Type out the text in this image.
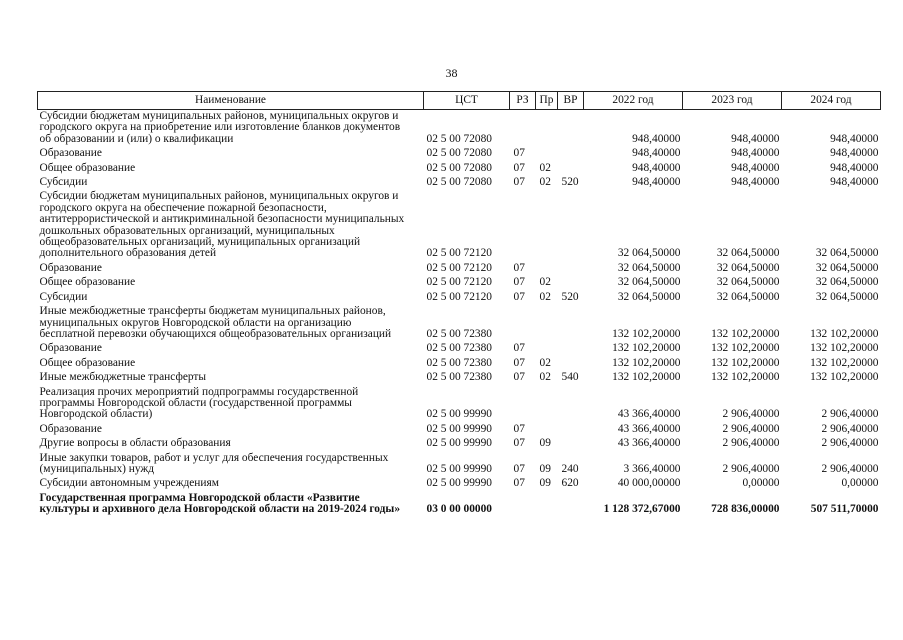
38
Наименование	ЦСТ	РЗ	Пр	ВР	2022 год	2023 год	2024 год
Субсидии бюджетам муниципальных районов, муниципальных округов и городского округа на приобретение или изготовление бланков документов об образовании и (или) о квалификации	02 5 00 72080				948,40000	948,40000	948,40000
Образование	02 5 00 72080	07			948,40000	948,40000	948,40000
Общее образование	02 5 00 72080	07	02		948,40000	948,40000	948,40000
Субсидии	02 5 00 72080	07	02	520	948,40000	948,40000	948,40000
Субсидии бюджетам муниципальных районов, муниципальных округов и городского округа на обеспечение пожарной безопасности, антитеррористической и антикриминальной безопасности муниципальных дошкольных образовательных организаций, муниципальных общеобразовательных организаций, муниципальных организаций дополнительного образования детей	02 5 00 72120				32 064,50000	32 064,50000	32 064,50000
Образование	02 5 00 72120	07			32 064,50000	32 064,50000	32 064,50000
Общее образование	02 5 00 72120	07	02		32 064,50000	32 064,50000	32 064,50000
Субсидии	02 5 00 72120	07	02	520	32 064,50000	32 064,50000	32 064,50000
Иные межбюджетные трансферты бюджетам муниципальных районов, муниципальных округов Новгородской области на организацию бесплатной перевозки обучающихся общеобразовательных организаций	02 5 00 72380				132 102,20000	132 102,20000	132 102,20000
Образование	02 5 00 72380	07			132 102,20000	132 102,20000	132 102,20000
Общее образование	02 5 00 72380	07	02		132 102,20000	132 102,20000	132 102,20000
Иные межбюджетные трансферты	02 5 00 72380	07	02	540	132 102,20000	132 102,20000	132 102,20000
Реализация прочих мероприятий подпрограммы государственной программы Новгородской области (государственной программы Новгородской области)	02 5 00 99990				43 366,40000	2 906,40000	2 906,40000
Образование	02 5 00 99990	07			43 366,40000	2 906,40000	2 906,40000
Другие вопросы в области образования	02 5 00 99990	07	09		43 366,40000	2 906,40000	2 906,40000
Иные закупки товаров, работ и услуг для обеспечения государственных (муниципальных) нужд	02 5 00 99990	07	09	240	3 366,40000	2 906,40000	2 906,40000
Субсидии автономным учреждениям	02 5 00 99990	07	09	620	40 000,00000	0,00000	0,00000
Государственная программа Новгородской области «Развитие культуры и архивного дела Новгородской области на 2019-2024 годы»	03 0 00 00000				1 128 372,67000	728 836,00000	507 511,70000
